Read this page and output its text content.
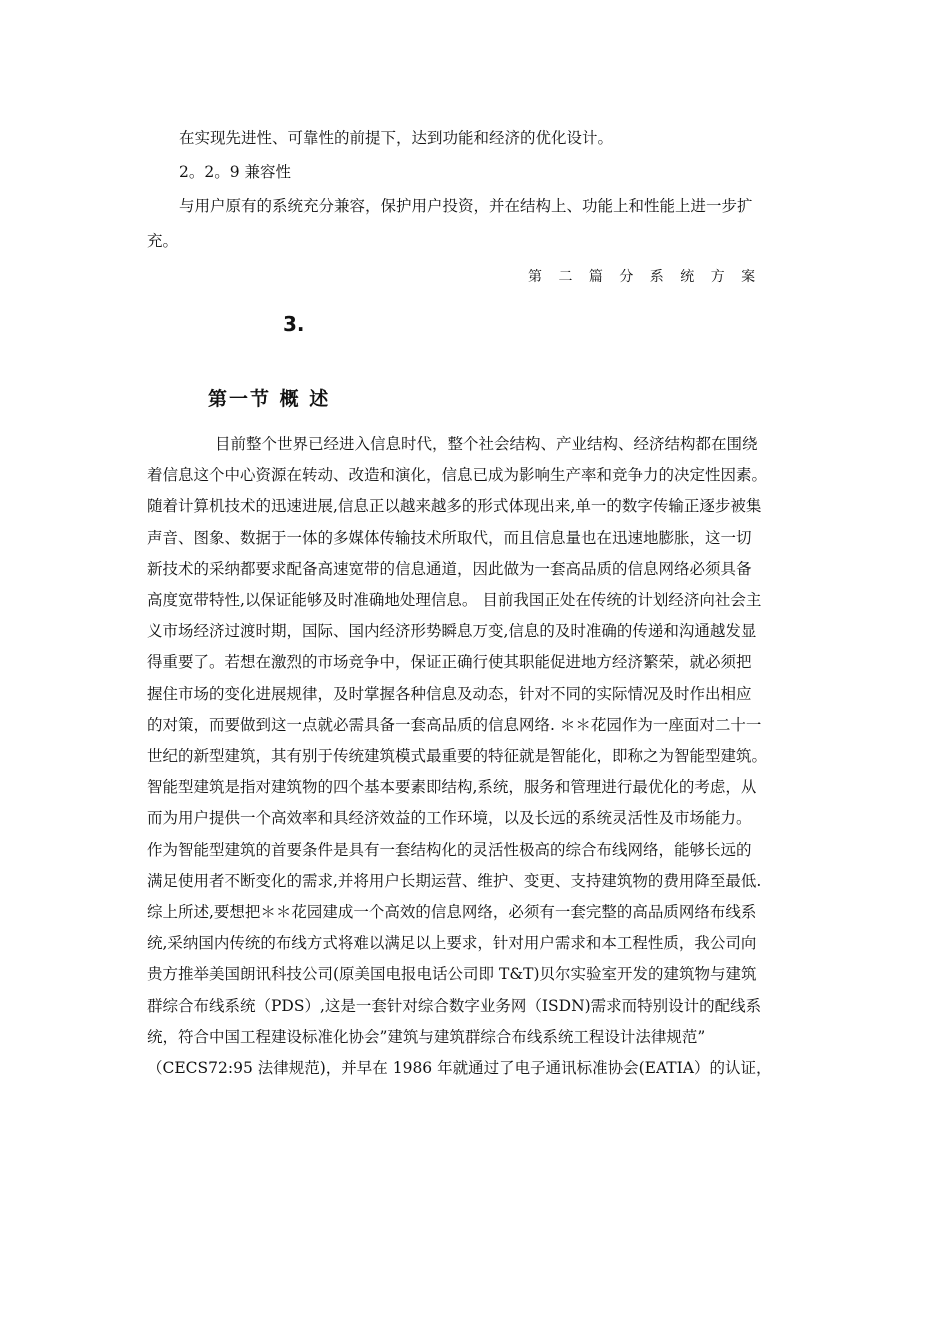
在实现先进性、可靠性的前提下，达到功能和经济的优化设计。
2。2。9 兼容性
与用户原有的系统充分兼容，保护用户投资，并在结构上、功能上和性能上进一步扩
充。
第 二 篇 分 系 统 方 案
3.
第一节 概 述
目前整个世界已经进入信息时代，整个社会结构、产业结构、经济结构都在围绕
着信息这个中心资源在转动、改造和演化，信息已成为影响生产率和竞争力的决定性因素。
随着计算机技术的迅速进展,信息正以越来越多的形式体现出来,单一的数字传输正逐步被集
声音、图象、数据于一体的多媒体传输技术所取代，而且信息量也在迅速地膨胀，这一切
新技术的采纳都要求配备高速宽带的信息通道，因此做为一套高品质的信息网络必须具备
高度宽带特性,以保证能够及时准确地处理信息。 目前我国正处在传统的计划经济向社会主
义市场经济过渡时期，国际、国内经济形势瞬息万变,信息的及时准确的传递和沟通越发显
得重要了。若想在激烈的市场竞争中，保证正确行使其职能促进地方经济繁荣，就必须把
握住市场的变化进展规律，及时掌握各种信息及动态，针对不同的实际情况及时作出相应
的对策，而要做到这一点就必需具备一套高品质的信息网络. ＊＊花园作为一座面对二十一
世纪的新型建筑，其有别于传统建筑模式最重要的特征就是智能化，即称之为智能型建筑。
智能型建筑是指对建筑物的四个基本要素即结构,系统，服务和管理进行最优化的考虑，从
而为用户提供一个高效率和具经济效益的工作环境，以及长远的系统灵活性及市场能力。
作为智能型建筑的首要条件是具有一套结构化的灵活性极高的综合布线网络，能够长远的
满足使用者不断变化的需求,并将用户长期运营、维护、变更、支持建筑物的费用降至最低.
综上所述,要想把＊＊花园建成一个高效的信息网络，必须有一套完整的高品质网络布线系
统,采纳国内传统的布线方式将难以满足以上要求，针对用户需求和本工程性质，我公司向
贵方推举美国朗讯科技公司(原美国电报电话公司即 T&T)贝尔实验室开发的建筑物与建筑
群综合布线系统（PDS）,这是一套针对综合数字业务网（ISDN)需求而特别设计的配线系
统，符合中国工程建设标准化协会”建筑与建筑群综合布线系统工程设计法律规范”
（CECS72:95 法律规范)，并早在 1986 年就通过了电子通讯标准协会(EATIA）的认证，
